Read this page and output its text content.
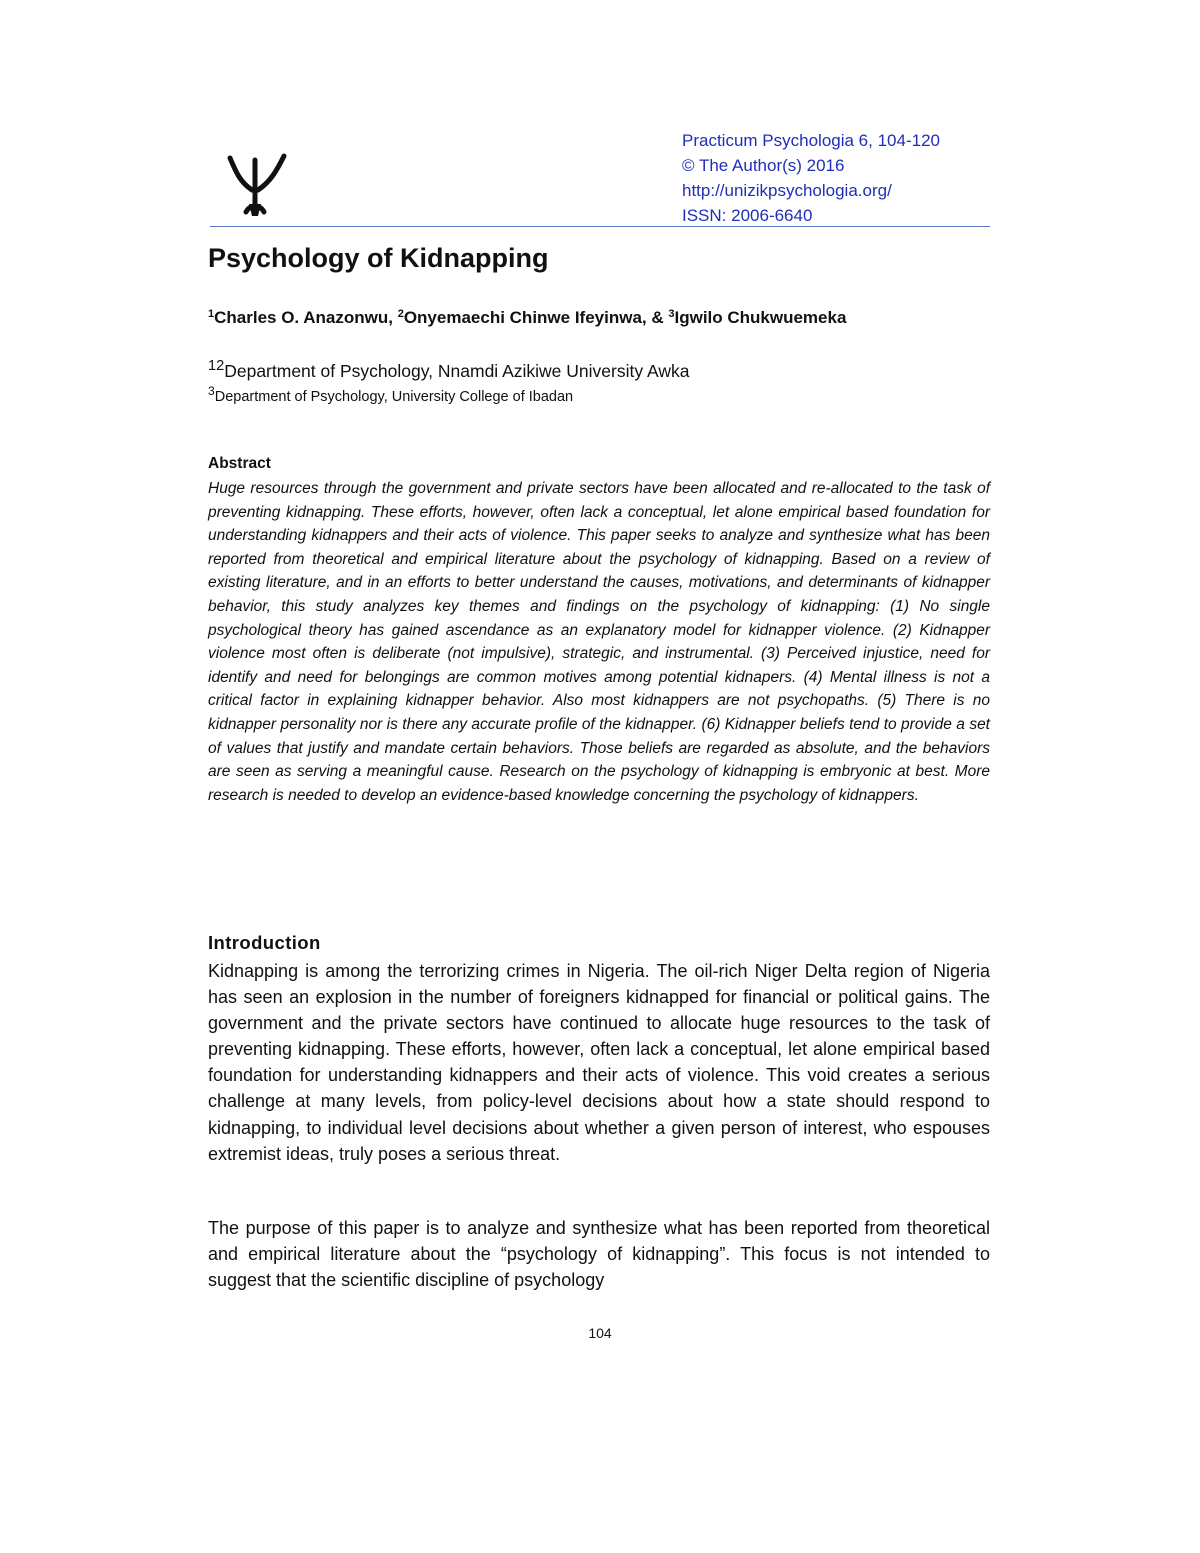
Practicum Psychologia 6, 104-120
© The Author(s) 2016
http://unizikpsychologia.org/
ISSN: 2006-6640
Psychology of Kidnapping
$^1$Charles O. Anazonwu, $^2$Onyemaechi Chinwe Ifeyinwa, & $^3$Igwilo Chukwuemeka
$^{12}$Department of Psychology, Nnamdi Azikiwe University Awka
$^3$Department of Psychology, University College of Ibadan
Abstract

Huge resources through the government and private sectors have been allocated and re-allocated to the task of preventing kidnapping. These efforts, however, often lack a conceptual, let alone empirical based foundation for understanding kidnappers and their acts of violence. This paper seeks to analyze and synthesize what has been reported from theoretical and empirical literature about the psychology of kidnapping. Based on a review of existing literature, and in an efforts to better understand the causes, motivations, and determinants of kidnapper behavior, this study analyzes key themes and findings on the psychology of kidnapping: (1) No single psychological theory has gained ascendance as an explanatory model for kidnapper violence. (2) Kidnapper violence most often is deliberate (not impulsive), strategic, and instrumental. (3) Perceived injustice, need for identify and need for belongings are common motives among potential kidnapers. (4) Mental illness is not a critical factor in explaining kidnapper behavior. Also most kidnappers are not psychopaths. (5) There is no kidnapper personality nor is there any accurate profile of the kidnapper. (6) Kidnapper beliefs tend to provide a set of values that justify and mandate certain behaviors. Those beliefs are regarded as absolute, and the behaviors are seen as serving a meaningful cause. Research on the psychology of kidnapping is embryonic at best. More research is needed to develop an evidence-based knowledge concerning the psychology of kidnappers.

Introduction

Kidnapping is among the terrorizing crimes in Nigeria. The oil-rich Niger Delta region of Nigeria has seen an explosion in the number of foreigners kidnapped for financial or political gains. The government and the private sectors have continued to allocate huge resources to the task of preventing kidnapping. These efforts, however, often lack a conceptual, let alone empirical based foundation for understanding kidnappers and their acts of violence. This void creates a serious challenge at many levels, from policy-level decisions about how a state should respond to kidnapping, to individual level decisions about whether a given person of interest, who espouses extremist ideas, truly poses a serious threat.

The purpose of this paper is to analyze and synthesize what has been reported from theoretical and empirical literature about the “psychology of kidnapping”. This focus is not intended to suggest that the scientific discipline of psychology

104
